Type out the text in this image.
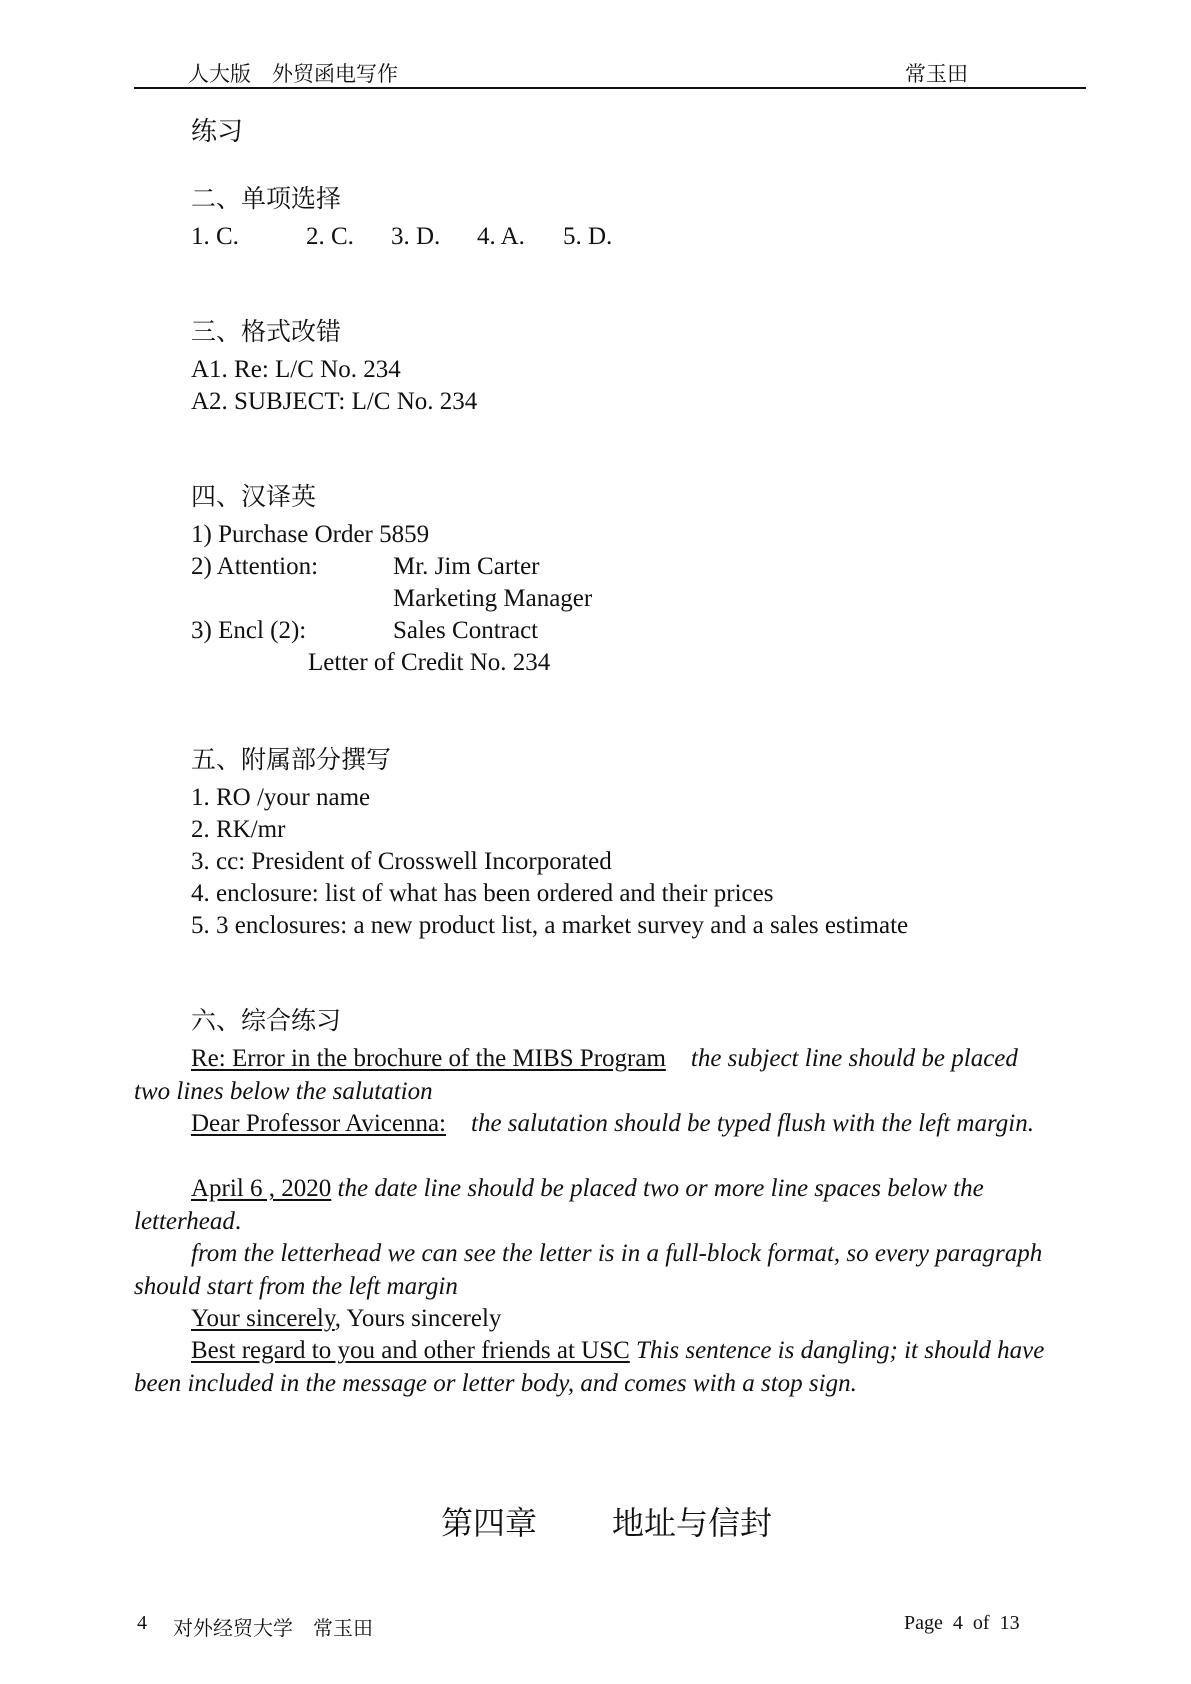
人大版　外贸函电写作	常玉田
练习
二、单项选择
1. C.	2. C. 3. D. 4. A. 5. D.
三、格式改错
A1. Re: L/C No. 234
A2. SUBJECT: L/C No. 234
四、汉译英
1) Purchase Order 5859
2) Attention:	Mr. Jim Carter
Marketing Manager
3) Encl (2):	Sales Contract
Letter of Credit No. 234
五、附属部分撰写
1. RO /your name
2. RK/mr
3. cc: President of Crosswell Incorporated
4. enclosure: list of what has been ordered and their prices
5. 3 enclosures: a new product list, a market survey and a sales estimate
六、综合练习
Re: Error in the brochure of the MIBS Program the subject line should be placed two lines below the salutation
Dear Professor Avicenna: the salutation should be typed flush with the left margin.
April 6 , 2020 the date line should be placed two or more line spaces below the letterhead.
from the letterhead we can see the letter is in a full-block format, so every paragraph should start from the left margin
Your sincerely, Yours sincerely
Best regard to you and other friends at USC This sentence is dangling; it should have been included in the message or letter body, and comes with a stop sign.
第四章 地址与信封
4 对外经贸大学　常玉田	Page 4 of 13
